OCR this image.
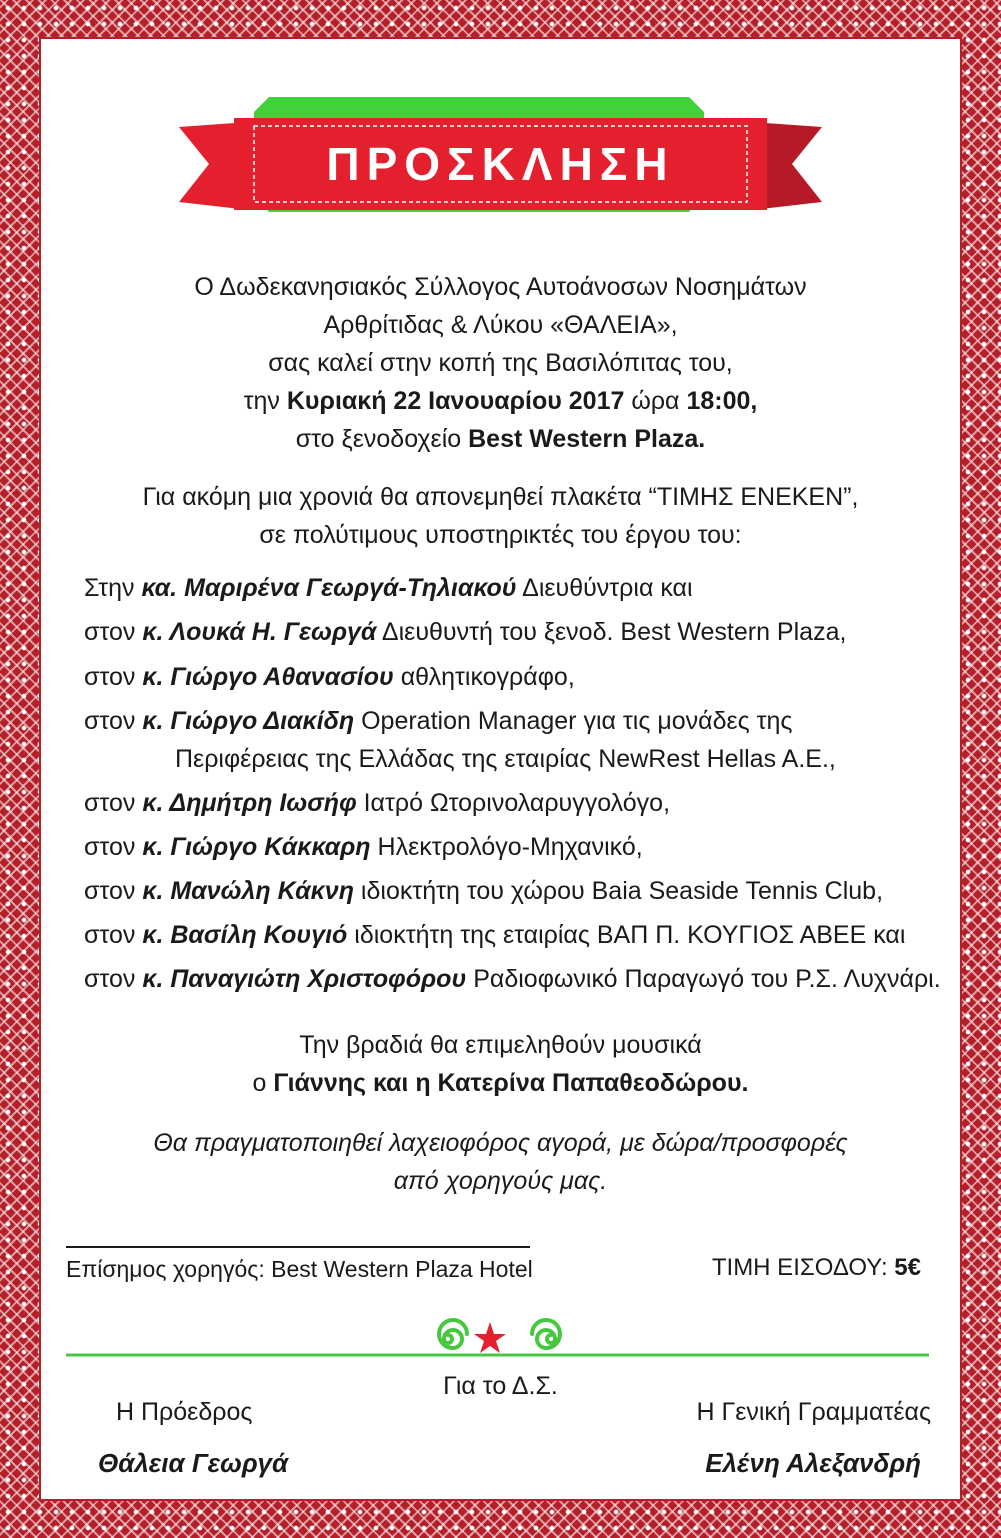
ΠΡΟΣΚΛΗΣΗ
Ο Δωδεκανησιακός Σύλλογος Αυτοάνοσων Νοσημάτων
Αρθρίτιδας & Λύκου «ΘΑΛΕΙΑ»,
σας καλεί στην κοπή της Βασιλόπιτας του,
την Κυριακή 22 Ιανουαρίου 2017 ώρα 18:00,
στο ξενοδοχείο Best Western Plaza.
Για ακόμη μια χρονιά θα απονεμηθεί πλακέτα “ΤΙΜΗΣ ΕΝΕΚΕΝ”,
σε πολύτιμους υποστηρικτές του έργου του:
Στην κα. Μαριρένα Γεωργά-Τηλιακού Διευθύντρια και
στον κ. Λουκά Η. Γεωργά Διευθυντή του ξενοδ. Best Western Plaza,
στον κ. Γιώργο Αθανασίου αθλητικογράφο,
στον κ. Γιώργο Διακίδη Operation Manager για τις μονάδες της
Περιφέρειας της Ελλάδας της εταιρίας NewRest Hellas A.E.,
στον κ. Δημήτρη Ιωσήφ Ιατρό Ωτορινολαρυγγολόγο,
στον κ. Γιώργο Κάκκαρη Ηλεκτρολόγο-Μηχανικό,
στον κ. Μανώλη Κάκνη ιδιοκτήτη του χώρου Baia Seaside Tennis Club,
στον κ. Βασίλη Κουγιό ιδιοκτήτη της εταιρίας ΒΑΠ Π. ΚΟΥΓΙΟΣ ΑΒΕΕ και
στον κ. Παναγιώτη Χριστοφόρου Ραδιοφωνικό Παραγωγό του Ρ.Σ. Λυχνάρι.
Την βραδιά θα επιμεληθούν μουσικά
ο Γιάννης και η Κατερίνα Παπαθεοδώρου.
Θα πραγματοποιηθεί λαχειοφόρος αγορά, με δώρα/προσφορές
από χορηγούς μας.
Επίσημος χορηγός: Best Western Plaza Hotel	ΤΙΜΗ ΕΙΣΟΔΟΥ: 5€
Για το Δ.Σ.
Η Πρόεδρος
Θάλεια Γεωργά
Η Γενική Γραμματέας
Ελένη Αλεξανδρή
